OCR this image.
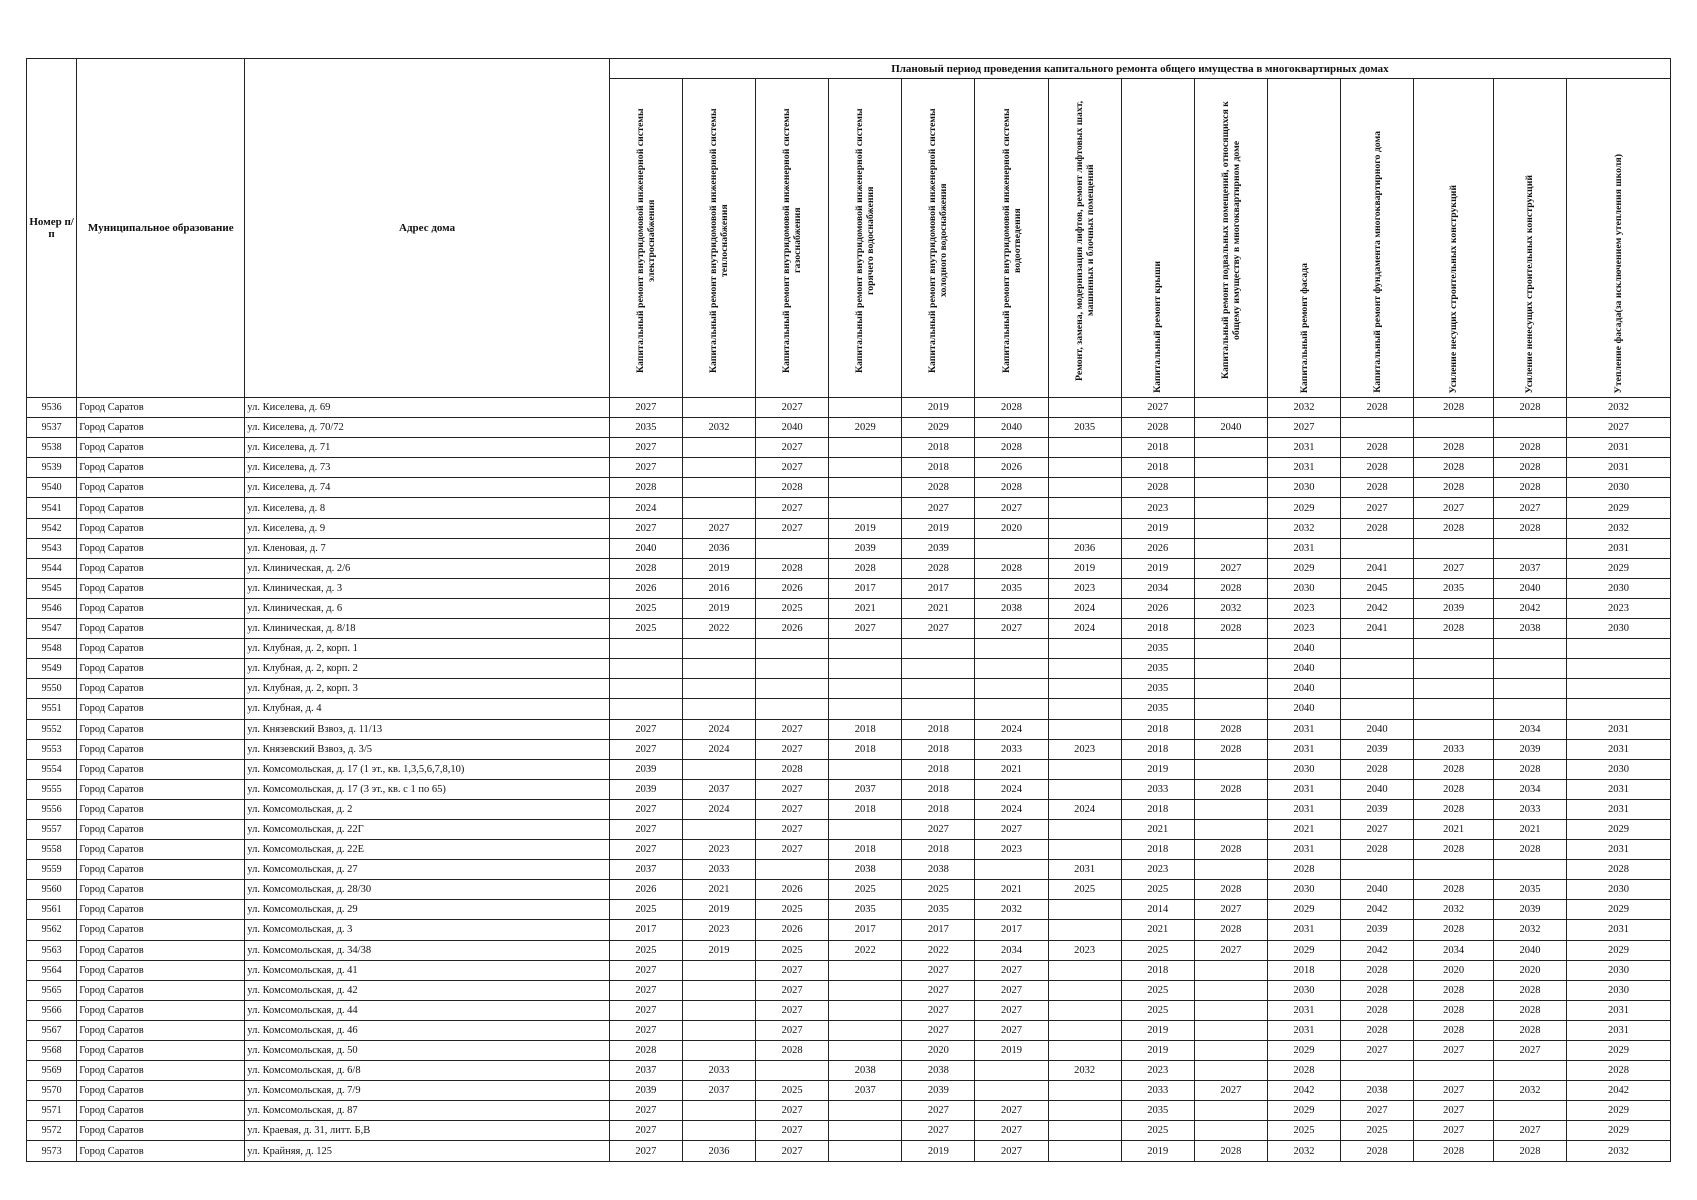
Номер п/п	Муниципальное образование	Адрес дома	Плановый период проведения капитального ремонта общего имущества в многоквартирных домах													

			Капитальный ремонт внутридомовой инженерной системы электроснабжения	Капитальный ремонт внутридомовой инженерной системы теплоснабжения	Капитальный ремонт внутридомовой инженерной системы газоснабжения	Капитальный ремонт внутридомовой инженерной системы горячего водоснабжения	Капитальный ремонт внутридомовой инженерной системы холодного водоснабжения	Капитальный ремонт внутридомовой инженерной системы водоотведения	Ремонт, замена, модернизация лифтов, ремонт лифтовых шахт, машинных и блочных помещений	Капитальный ремонт крыши	Капитальный ремонт подвальных помещений, относящихся к общему имуществу в многоквартирном доме	Капитальный ремонт фасада	Капитальный ремонт фундамента многоквартирного дома	Усиление несущих строительных конструкций	Усиление ненесущих строительных конструкций	Утепление фасада(за исключением утепления школя)

9536	Город Саратов	ул. Киселева, д. 69	2027		2027		2019	2028		2027		2032	2028	2028	2028	2032
9537	Город Саратов	ул. Киселева, д. 70/72	2035	2032	2040	2029	2029	2040	2035	2028	2040	2027				2027
9538	Город Саратов	ул. Киселева, д. 71	2027		2027		2018	2028		2018		2031	2028	2028	2028	2031
9539	Город Саратов	ул. Киселева, д. 73	2027		2027		2018	2026		2018		2031	2028	2028	2028	2031
9540	Город Саратов	ул. Киселева, д. 74	2028		2028		2028	2028		2028		2030	2028	2028	2028	2030
9541	Город Саратов	ул. Киселева, д. 8	2024		2027		2027	2027		2023		2029	2027	2027	2027	2029
9542	Город Саратов	ул. Киселева, д. 9	2027	2027	2027	2019	2019	2020		2019		2032	2028	2028	2028	2032
9543	Город Саратов	ул. Кленовая, д. 7	2040	2036		2039	2039		2036	2026		2031				2031
9544	Город Саратов	ул. Клиническая, д. 2/6	2028	2019	2028	2028	2028	2028	2019	2019	2027	2029	2041	2027	2037	2029
9545	Город Саратов	ул. Клиническая, д. 3	2026	2016	2026	2017	2017	2035	2023	2034	2028	2030	2045	2035	2040	2030
9546	Город Саратов	ул. Клиническая, д. 6	2025	2019	2025	2021	2021	2038	2024	2026	2032	2023	2042	2039	2042	2023
9547	Город Саратов	ул. Клиническая, д. 8/18	2025	2022	2026	2027	2027	2027	2024	2018	2028	2023	2041	2028	2038	2030
9548	Город Саратов	ул. Клубная, д. 2, корп. 1								2035		2040				
9549	Город Саратов	ул. Клубная, д. 2, корп. 2								2035		2040				
9550	Город Саратов	ул. Клубная, д. 2, корп. 3								2035		2040				
9551	Город Саратов	ул. Клубная, д. 4								2035		2040				
9552	Город Саратов	ул. Князевский Взвоз, д. 11/13	2027	2024	2027	2018	2018	2024		2018	2028	2031	2040		2034	2031
9553	Город Саратов	ул. Князевский Взвоз, д. 3/5	2027	2024	2027	2018	2018	2033	2023	2018	2028	2031	2039	2033	2039	2031
9554	Город Саратов	ул. Комсомольская, д. 17 (1 эт., кв. 1,3,5,6,7,8,10)	2039		2028		2018	2021		2019		2030	2028	2028	2028	2030
9555	Город Саратов	ул. Комсомольская, д. 17 (3 эт., кв. с 1 по 65)	2039	2037	2027	2037	2018	2024		2033	2028	2031	2040	2028	2034	2031
9556	Город Саратов	ул. Комсомольская, д. 2	2027	2024	2027	2018	2018	2024	2024	2018		2031	2039	2028	2033	2031
9557	Город Саратов	ул. Комсомольская, д. 22Г	2027		2027		2027	2027		2021		2021	2027	2021	2021	2029
9558	Город Саратов	ул. Комсомольская, д. 22Е	2027	2023	2027	2018	2018	2023		2018	2028	2031	2028	2028	2028	2031
9559	Город Саратов	ул. Комсомольская, д. 27	2037	2033		2038	2038		2031	2023		2028				2028
9560	Город Саратов	ул. Комсомольская, д. 28/30	2026	2021	2026	2025	2025	2021	2025	2025	2028	2030	2040	2028	2035	2030
9561	Город Саратов	ул. Комсомольская, д. 29	2025	2019	2025	2035	2035	2032		2014	2027	2029	2042	2032	2039	2029
9562	Город Саратов	ул. Комсомольская, д. 3	2017	2023	2026	2017	2017	2017		2021	2028	2031	2039	2028	2032	2031
9563	Город Саратов	ул. Комсомольская, д. 34/38	2025	2019	2025	2022	2022	2034	2023	2025	2027	2029	2042	2034	2040	2029
9564	Город Саратов	ул. Комсомольская, д. 41	2027		2027		2027	2027		2018		2018	2028	2020	2020	2030
9565	Город Саратов	ул. Комсомольская, д. 42	2027		2027		2027	2027		2025		2030	2028	2028	2028	2030
9566	Город Саратов	ул. Комсомольская, д. 44	2027		2027		2027	2027		2025		2031	2028	2028	2028	2031
9567	Город Саратов	ул. Комсомольская, д. 46	2027		2027		2027	2027		2019		2031	2028	2028	2028	2031
9568	Город Саратов	ул. Комсомольская, д. 50	2028		2028		2020	2019		2019		2029	2027	2027	2027	2029
9569	Город Саратов	ул. Комсомольская, д. 6/8	2037	2033		2038	2038		2032	2023		2028				2028
9570	Город Саратов	ул. Комсомольская, д. 7/9	2039	2037	2025	2037	2039			2033	2027	2042	2038	2027	2032	2042
9571	Город Саратов	ул. Комсомольская, д. 87	2027		2027		2027	2027		2035		2029	2027	2027		2029
9572	Город Саратов	ул. Краевая, д. 31, литт. Б,В	2027		2027		2027	2027		2025		2025	2025	2027	2027	2029
9573	Город Саратов	ул. Крайняя, д. 125	2027	2036	2027		2019	2027		2019	2028	2032	2028	2028	2028	2032
